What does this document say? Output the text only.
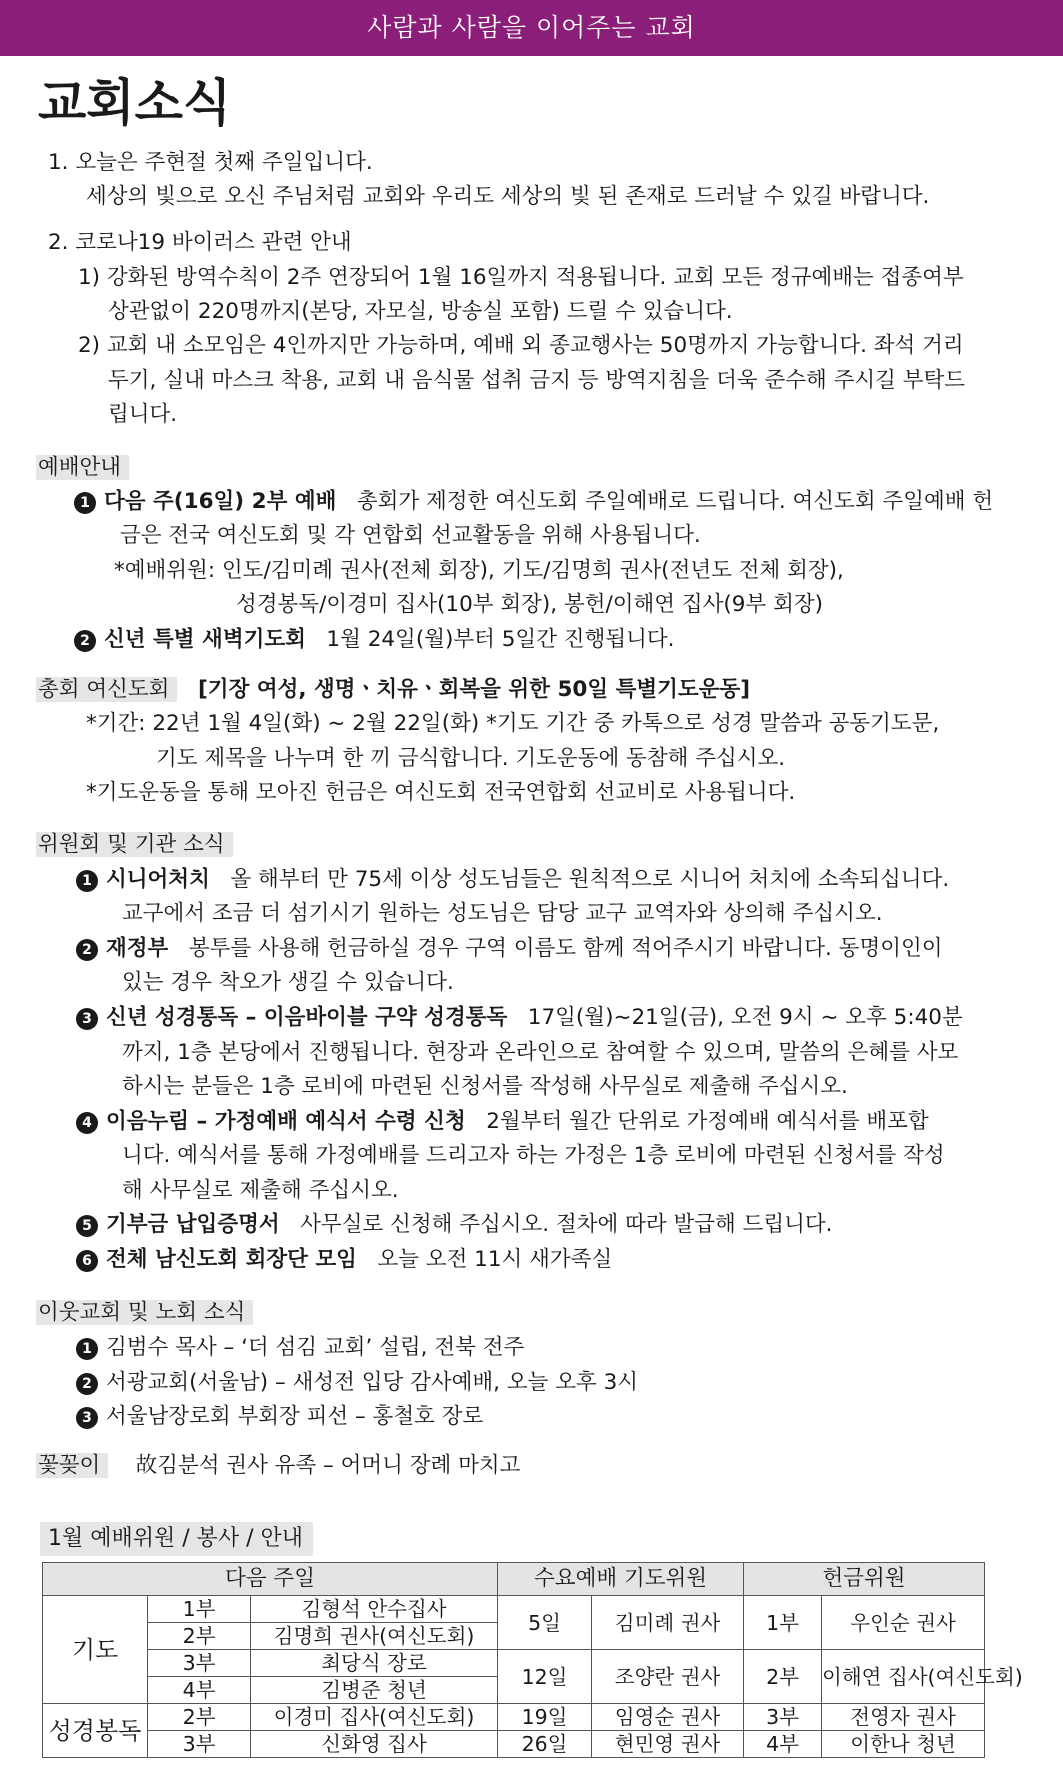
사람과 사람을 이어주는 교회
교회소식
1. 오늘은 주현절 첫째 주일입니다.
세상의 빛으로 오신 주님처럼 교회와 우리도 세상의 빛 된 존재로 드러날 수 있길 바랍니다.
2. 코로나19 바이러스 관련 안내
1) 강화된 방역수칙이 2주 연장되어 1월 16일까지 적용됩니다. 교회 모든 정규예배는 접종여부
상관없이 220명까지(본당, 자모실, 방송실 포함) 드릴 수 있습니다.
2) 교회 내 소모임은 4인까지만 가능하며, 예배 외 종교행사는 50명까지 가능합니다. 좌석 거리
두기, 실내 마스크 착용, 교회 내 음식물 섭취 금지 등 방역지침을 더욱 준수해 주시길 부탁드
립니다.
예배안내
1 다음 주(16일) 2부 예배 총회가 제정한 여신도회 주일예배로 드립니다. 여신도회 주일예배 헌
금은 전국 여신도회 및 각 연합회 선교활동을 위해 사용됩니다.
*예배위원: 인도/김미례 권사(전체 회장), 기도/김명희 권사(전년도 전체 회장),
성경봉독/이경미 집사(10부 회장), 봉헌/이해연 집사(9부 회장)
2 신년 특별 새벽기도회 1월 24일(월)부터 5일간 진행됩니다.
총회 여신도회 [기장 여성, 생명ㆍ치유ㆍ회복을 위한 50일 특별기도운동]
*기간: 22년 1월 4일(화) ~ 2월 22일(화) *기도 기간 중 카톡으로 성경 말씀과 공동기도문,
기도 제목을 나누며 한 끼 금식합니다. 기도운동에 동참해 주십시오.
*기도운동을 통해 모아진 헌금은 여신도회 전국연합회 선교비로 사용됩니다.
위원회 및 기관 소식
1 시니어처치 올 해부터 만 75세 이상 성도님들은 원칙적으로 시니어 처치에 소속되십니다.
교구에서 조금 더 섬기시기 원하는 성도님은 담당 교구 교역자와 상의해 주십시오.
2 재정부 봉투를 사용해 헌금하실 경우 구역 이름도 함께 적어주시기 바랍니다. 동명이인이
있는 경우 착오가 생길 수 있습니다.
3 신년 성경통독 – 이음바이블 구약 성경통독 17일(월)~21일(금), 오전 9시 ~ 오후 5:40분
까지, 1층 본당에서 진행됩니다. 현장과 온라인으로 참여할 수 있으며, 말씀의 은혜를 사모
하시는 분들은 1층 로비에 마련된 신청서를 작성해 사무실로 제출해 주십시오.
4 이음누림 – 가정예배 예식서 수령 신청 2월부터 월간 단위로 가정예배 예식서를 배포합
니다. 예식서를 통해 가정예배를 드리고자 하는 가정은 1층 로비에 마련된 신청서를 작성
해 사무실로 제출해 주십시오.
5 기부금 납입증명서 사무실로 신청해 주십시오. 절차에 따라 발급해 드립니다.
6 전체 남신도회 회장단 모임 오늘 오전 11시 새가족실
이웃교회 및 노회 소식
1 김범수 목사 – ‘더 섬김 교회’ 설립, 전북 전주
2 서광교회(서울남) – 새성전 입당 감사예배, 오늘 오후 3시
3 서울남장로회 부회장 피선 – 홍철호 장로
꽃꽂이 故김분석 권사 유족 – 어머니 장례 마치고
1월 예배위원 / 봉사 / 안내
다음 주일			수요예배 기도위원		헌금위원	
기도	1부	김형석 안수집사	5일	김미례 권사	1부	우인순 권사
	2부	김명희 권사(여신도회)				
	3부	최당식 장로	12일	조양란 권사	2부	이해연 집사(여신도회)
	4부	김병준 청년				
성경봉독	2부	이경미 집사(여신도회)	19일	임영순 권사	3부	전영자 권사
	3부	신화영 집사	26일	현민영 권사	4부	이한나 청년
